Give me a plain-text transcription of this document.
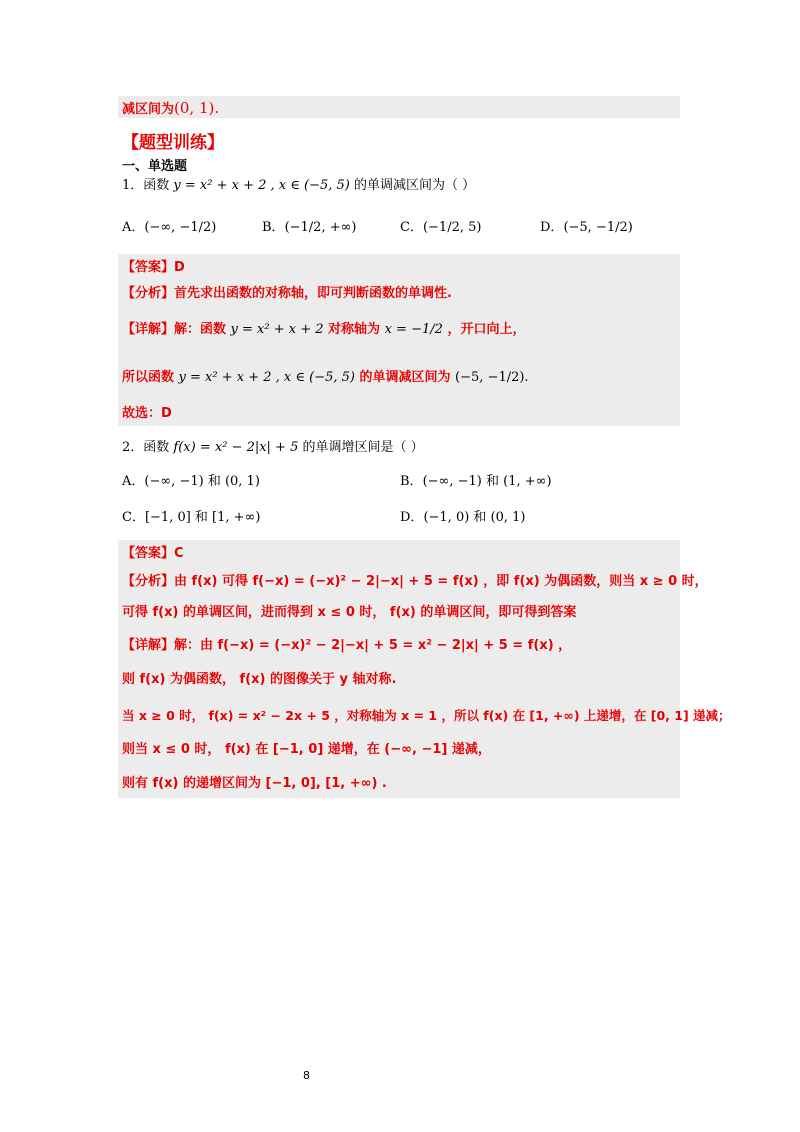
减区间为(0, 1).
【题型训练】
一、单选题
1．函数 y = x² + x + 2 , x ∈ (−5, 5) 的单调减区间为（ ）
A．(−∞, −1/2)	B．(−1/2, +∞)	C．(−1/2, 5)	D．(−5, −1/2)
【答案】D
【分析】首先求出函数的对称轴，即可判断函数的单调性.
【详解】解：函数 y = x² + x + 2 对称轴为 x = −1/2 ，开口向上，
所以函数 y = x² + x + 2 , x ∈ (−5, 5) 的单调减区间为 (−5, −1/2).
故选：D
2．函数 f(x) = x² − 2|x| + 5 的单调增区间是（ ）
A．(−∞, −1) 和 (0, 1)	B．(−∞, −1) 和 (1, +∞)
C．[−1, 0] 和 [1, +∞)	D．(−1, 0) 和 (0, 1)
【答案】C
【分析】由 f(x) 可得 f(−x) = (−x)² − 2|−x| + 5 = f(x) ，即 f(x) 为偶函数，则当 x ≥ 0 时，
可得 f(x) 的单调区间，进而得到 x ≤ 0 时， f(x) 的单调区间，即可得到答案
【详解】解：由 f(−x) = (−x)² − 2|−x| + 5 = x² − 2|x| + 5 = f(x) ，
则 f(x) 为偶函数， f(x) 的图像关于 y 轴对称.
当 x ≥ 0 时， f(x) = x² − 2x + 5 ，对称轴为 x = 1 ，所以 f(x) 在 [1, +∞) 上递增，在 [0, 1] 递减；
则当 x ≤ 0 时， f(x) 在 [−1, 0] 递增，在 (−∞, −1] 递减，
则有 f(x) 的递增区间为 [−1, 0], [1, +∞) .
8
